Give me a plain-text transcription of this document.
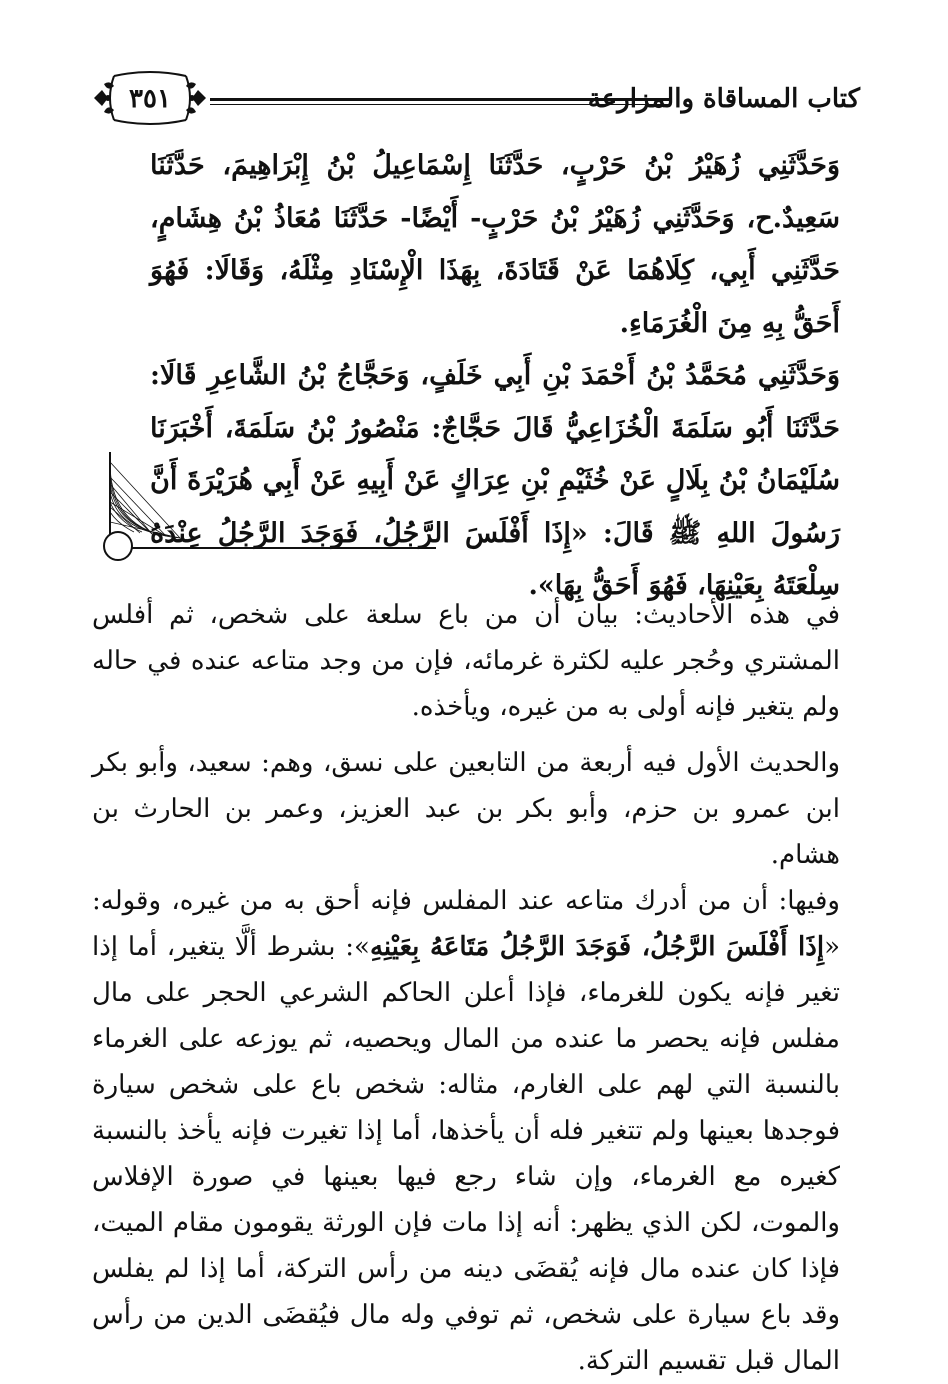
كتاب المساقاة والمزارعة
٣٥١

وَحَدَّثَنِي زُهَيْرُ بْنُ حَرْبٍ، حَدَّثَنَا إِسْمَاعِيلُ بْنُ إِبْرَاهِيمَ، حَدَّثَنَا سَعِيدٌ.ح، وَحَدَّثَنِي زُهَيْرُ بْنُ حَرْبٍ- أَيْضًا- حَدَّثَنَا مُعَاذُ بْنُ هِشَامٍ، حَدَّثَنِي أَبِي، كِلَاهُمَا عَنْ قَتَادَةَ، بِهَذَا الْإِسْنَادِ مِثْلَهُ، وَقَالَا: فَهُوَ أَحَقُّ بِهِ مِنَ الْغُرَمَاءِ.

وَحَدَّثَنِي مُحَمَّدُ بْنُ أَحْمَدَ بْنِ أَبِي خَلَفٍ، وَحَجَّاجُ بْنُ الشَّاعِرِ قَالَا: حَدَّثَنَا أَبُو سَلَمَةَ الْخُزَاعِيُّ قَالَ حَجَّاجٌ: مَنْصُورُ بْنُ سَلَمَةَ، أَخْبَرَنَا سُلَيْمَانُ بْنُ بِلَالٍ عَنْ خُثَيْمِ بْنِ عِرَاكٍ عَنْ أَبِيهِ عَنْ أَبِي هُرَيْرَةَ أَنَّ رَسُولَ اللهِ ﷺ قَالَ: «إِذَا أَفْلَسَ الرَّجُلُ، فَوَجَدَ الرَّجُلُ عِنْدَهُ سِلْعَتَهُ بِعَيْنِهَا، فَهُوَ أَحَقُّ بِهَا».

في هذه الأحاديث: بيان أن من باع سلعة على شخص، ثم أفلس المشتري وحُجر عليه لكثرة غرمائه، فإن من وجد متاعه عنده في حاله ولم يتغير فإنه أولى به من غيره، ويأخذه.

والحديث الأول فيه أربعة من التابعين على نسق، وهم: سعيد، وأبو بكر ابن عمرو بن حزم، وأبو بكر بن عبد العزيز، وعمر بن الحارث بن هشام.

وفيها: أن من أدرك متاعه عند المفلس فإنه أحق به من غيره، وقوله: «إِذَا أَفْلَسَ الرَّجُلُ، فَوَجَدَ الرَّجُلُ مَتَاعَهُ بِعَيْنِهِ»: بشرط ألَّا يتغير، أما إذا تغير فإنه يكون للغرماء، فإذا أعلن الحاكم الشرعي الحجر على مال مفلس فإنه يحصر ما عنده من المال ويحصيه، ثم يوزعه على الغرماء بالنسبة التي لهم على الغارم، مثاله: شخص باع على شخص سيارة فوجدها بعينها ولم تتغير فله أن يأخذها، أما إذا تغيرت فإنه يأخذ بالنسبة كغيره مع الغرماء، وإن شاء رجع فيها بعينها في صورة الإفلاس والموت، لكن الذي يظهر: أنه إذا مات فإن الورثة يقومون مقام الميت، فإذا كان عنده مال فإنه يُقضَى دينه من رأس التركة، أما إذا لم يفلس وقد باع سيارة على شخص، ثم توفي وله مال فيُقضَى الدين من رأس المال قبل تقسيم التركة.
